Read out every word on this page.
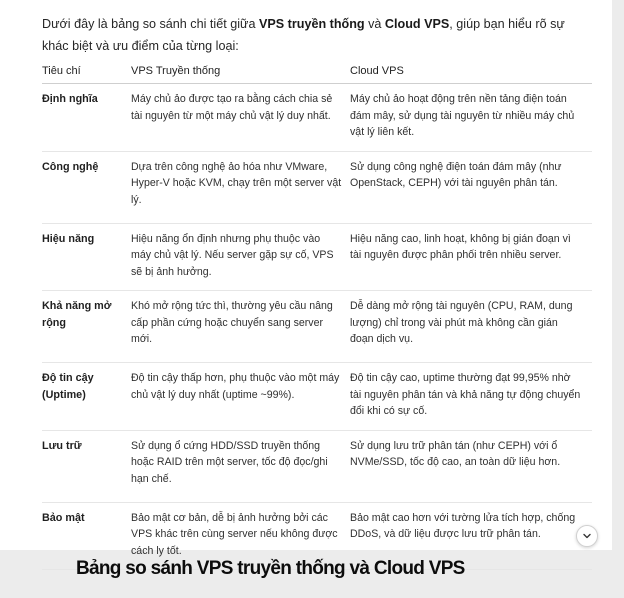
Dưới đây là bảng so sánh chi tiết giữa VPS truyền thống và Cloud VPS, giúp bạn hiểu rõ sự khác biệt và ưu điểm của từng loại:

Tiêu chí	VPS Truyền thống	Cloud VPS
Định nghĩa	Máy chủ ảo được tạo ra bằng cách chia sẻ tài nguyên từ một máy chủ vật lý duy nhất.	Máy chủ ảo hoạt động trên nền tảng điện toán đám mây, sử dụng tài nguyên từ nhiều máy chủ vật lý liên kết.
Công nghệ	Dựa trên công nghệ ảo hóa như VMware, Hyper-V hoặc KVM, chạy trên một server vật lý.	Sử dụng công nghệ điện toán đám mây (như OpenStack, CEPH) với tài nguyên phân tán.
Hiệu năng	Hiệu năng ổn định nhưng phụ thuộc vào máy chủ vật lý. Nếu server gặp sự cố, VPS sẽ bị ảnh hưởng.	Hiệu năng cao, linh hoạt, không bị gián đoạn vì tài nguyên được phân phối trên nhiều server.
Khả năng mở rộng	Khó mở rộng tức thì, thường yêu cầu nâng cấp phần cứng hoặc chuyển sang server mới.	Dễ dàng mở rộng tài nguyên (CPU, RAM, dung lượng) chỉ trong vài phút mà không cần gián đoạn dịch vụ.
Độ tin cậy (Uptime)	Độ tin cậy thấp hơn, phụ thuộc vào một máy chủ vật lý duy nhất (uptime ~99%).	Độ tin cậy cao, uptime thường đạt 99,95% nhờ tài nguyên phân tán và khả năng tự động chuyển đổi khi có sự cố.
Lưu trữ	Sử dụng ổ cứng HDD/SSD truyền thống hoặc RAID trên một server, tốc độ đọc/ghi hạn chế.	Sử dụng lưu trữ phân tán (như CEPH) với ổ NVMe/SSD, tốc độ cao, an toàn dữ liệu hơn.
Bảo mật	Bảo mật cơ bản, dễ bị ảnh hưởng bởi các VPS khác trên cùng server nếu không được cách ly tốt.	Bảo mật cao hơn với tường lửa tích hợp, chống DDoS, và dữ liệu được lưu trữ phân tán.
Bảng so sánh VPS truyền thống và Cloud VPS
